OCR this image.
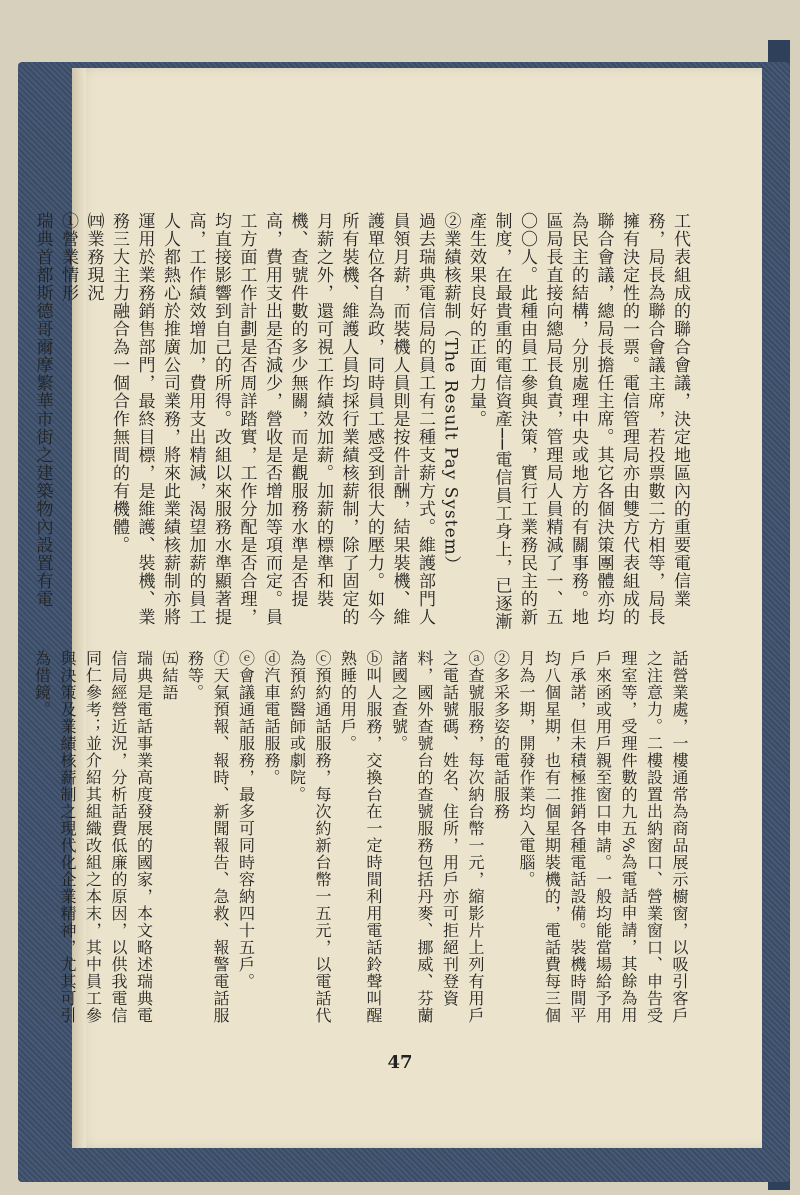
工代表組成的聯合會議，決定地區內的重要電信業務，局長為聯合會議主席，若投票數二方相等，局長擁有決定性的一票。電信管理局亦由雙方代表組成的聯合會議，總局長擔任主席。其它各個決策團體亦均為民主的結構，分別處理中央或地方的有關事務。地區局長直接向總局長負責，管理局人員精減了一、五〇〇人。此種由員工參與決策，實行工業務民主的新制度，在最貴重的電信資產──電信員工身上，已逐漸產生效果良好的正面力量。
②業績核薪制（The Result Pay System）
過去瑞典電信局的員工有二種支薪方式。維護部門人員領月薪，而裝機人員則是按件計酬，結果裝機、維護單位各自為政，同時員工感受到很大的壓力。如今所有裝機、維護人員均採行業績核薪制，除了固定的月薪之外，還可視工作績效加薪。加薪的標準和裝機、查號件數的多少無關，而是觀服務水準是否提高，費用支出是否減少，營收是否增加等項而定。員工方面工作計劃是否周詳踏實，工作分配是否合理，均直接影響到自己的所得。改組以來服務水準顯著提高，工作績效增加，費用支出精減，渴望加薪的員工人人都熱心於推廣公司業務，將來此業績核薪制亦將運用於業務銷售部門，最終目標，是維護、裝機、業務三大主力融合為一個合作無間的有機體。
㈣業務現況
①營業情形
瑞典首都斯德哥爾摩繁華市街之建築物內設置有電
話營業處，一樓通常為商品展示櫥窗，以吸引客戶之注意力。二樓設置出納窗口、營業窗口、申告受理室等，受理件數的九五%為電話申請，其餘為用戶來函或用戶親至窗口申請。一般均能當場給予用戶承諾，但未積極推銷各種電話設備。裝機時間平均八個星期，也有二個星期裝機的，電話費每三個月為一期，開發作業均入電腦。
②多采多姿的電話服務
ⓐ查號服務，每次納台幣一元，縮影片上列有用戶之電話號碼、姓名、住所，用戶亦可拒絕刊登資料，國外查號台的查號服務包括丹麥、挪威、芬蘭諸國之查號。
ⓑ叫人服務，交換台在一定時間利用電話鈴聲叫醒熟睡的用戶。
ⓒ預約通話服務，每次約新台幣一五元，以電話代為預約醫師或劇院。
ⓓ汽車電話服務。
ⓔ會議通話服務，最多可同時容納四十五戶。
ⓕ天氣預報、報時、新聞報告、急救、報警電話服務等。
㈤結語
瑞典是電話事業高度發展的國家，本文略述瑞典電信局經營近況，分析話費低廉的原因，以供我電信同仁參考；並介紹其組織改組之本末，其中員工參與決策及業績核薪制之現代化企業精神，尤其可引為借鏡。
47
